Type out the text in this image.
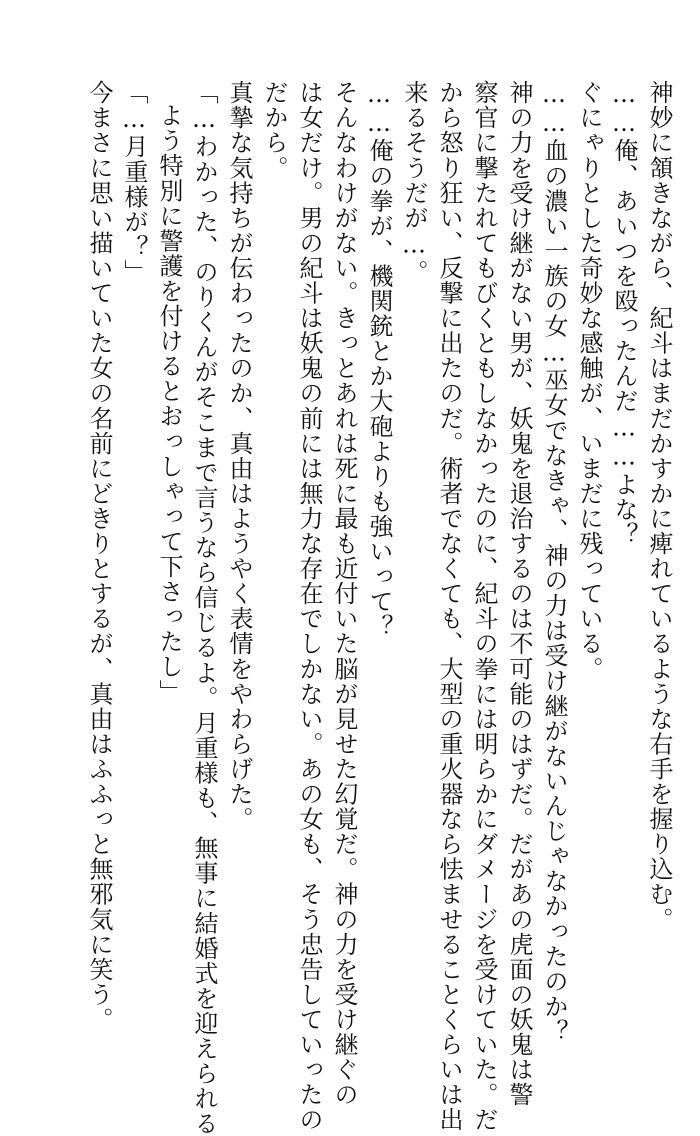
神妙に頷きながら、紀斗はまだかすかに痺れているような右手を握り込む。
……俺、あいつを殴ったんだ……よな？
ぐにゃりとした奇妙な感触が、いまだに残っている。
……血の濃い一族の女…巫女でなきゃ、神の力は受け継がないんじゃなかったのか？
神の力を受け継がない男が、妖鬼を退治するのは不可能のはずだ。だがあの虎面の妖鬼は警
察官に撃たれてもびくともしなかったのに、紀斗の拳には明らかにダメージを受けていた。だ
から怒り狂い、反撃に出たのだ。術者でなくても、大型の重火器なら怯ませることくらいは出
来るそうだが…。
……俺の拳が、機関銃とか大砲よりも強いって？
そんなわけがない。きっとあれは死に最も近付いた脳が見せた幻覚だ。神の力を受け継ぐの
は女だけ。男の紀斗は妖鬼の前には無力な存在でしかない。あの女も、そう忠告していったの
だから。
真摯な気持ちが伝わったのか、真由はようやく表情をやわらげた。
「…わかった、のりくんがそこまで言うなら信じるよ。月重様も、無事に結婚式を迎えられる
よう特別に警護を付けるとおっしゃって下さったし」
「…月重様が？」
今まさに思い描いていた女の名前にどきりとするが、真由はふふっと無邪気に笑う。
